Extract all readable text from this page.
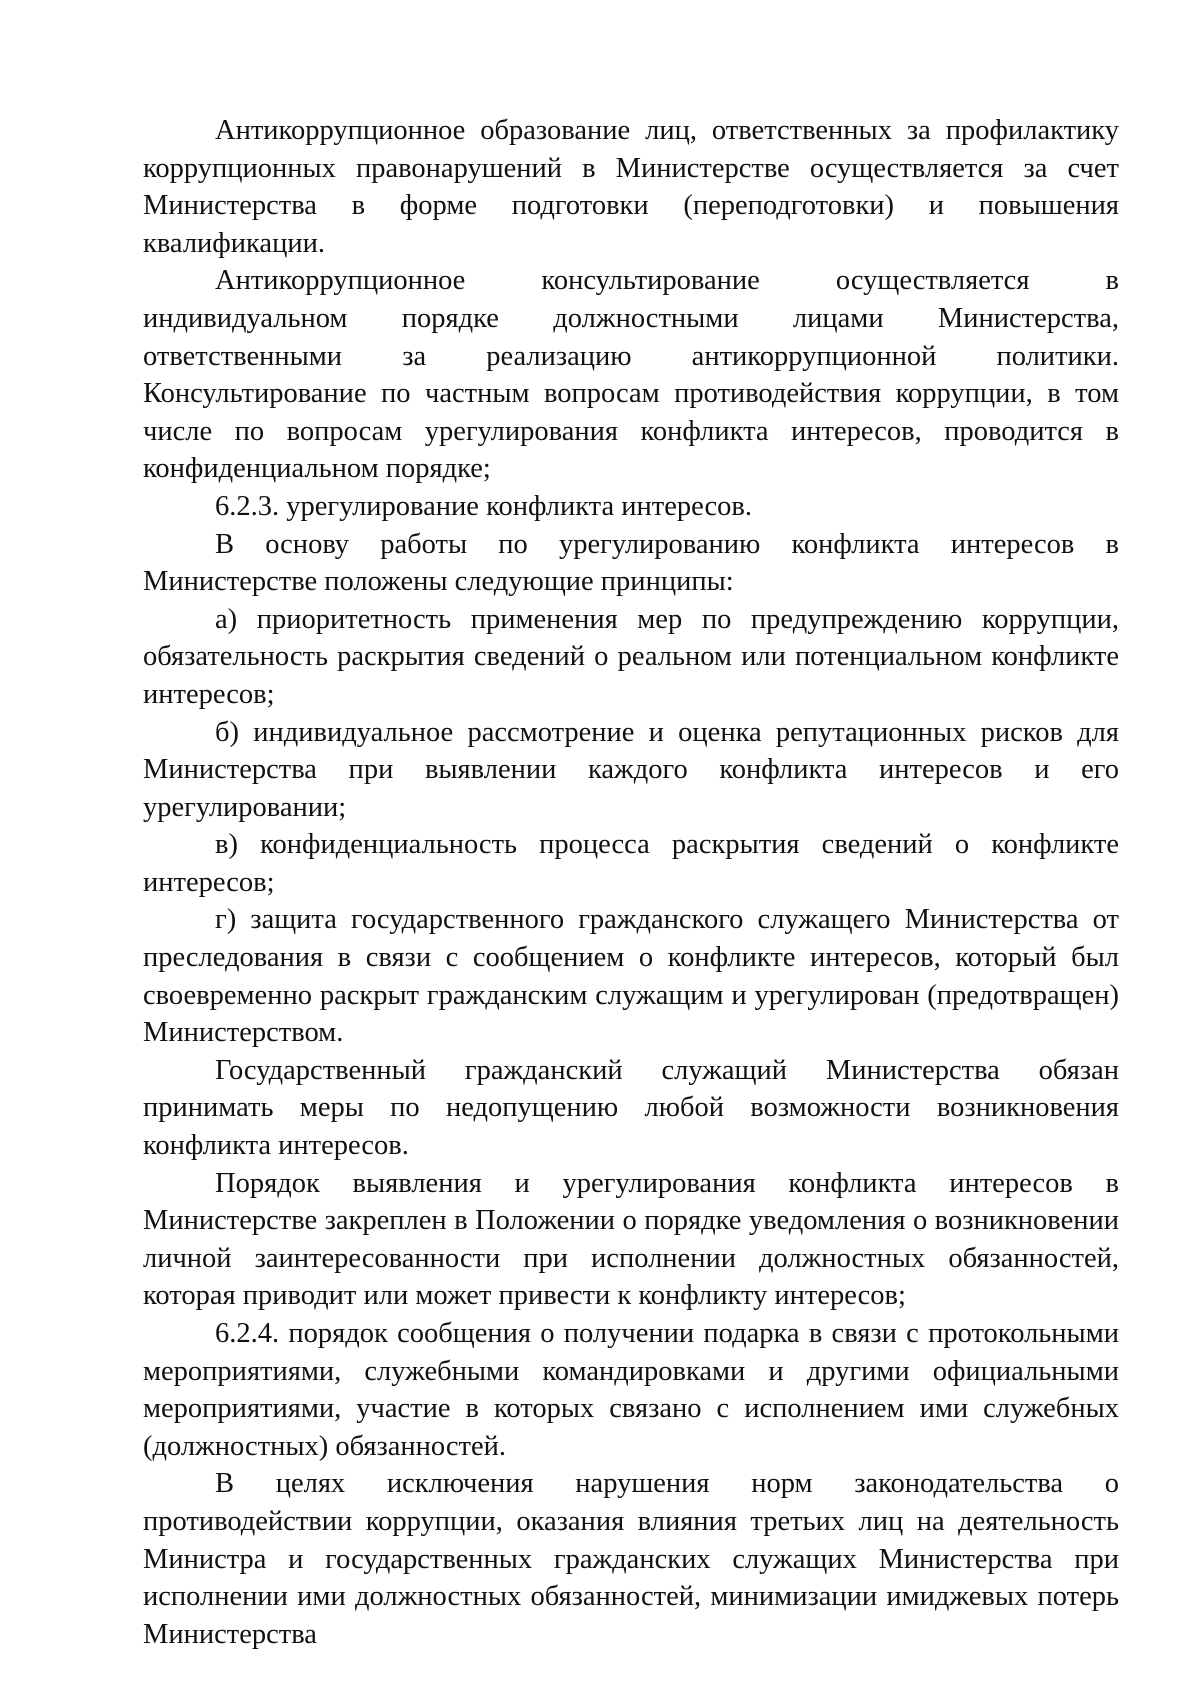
Антикоррупционное образование лиц, ответственных за профилактику коррупционных правонарушений в Министерстве осуществляется за счет Министерства в форме подготовки (переподготовки) и повышения квалификации.

Антикоррупционное консультирование осуществляется в индивидуальном порядке должностными лицами Министерства, ответственными за реализацию антикоррупционной политики. Консультирование по частным вопросам противодействия коррупции, в том числе по вопросам урегулирования конфликта интересов, проводится в конфиденциальном порядке;

6.2.3. урегулирование конфликта интересов.

В основу работы по урегулированию конфликта интересов в Министерстве положены следующие принципы:

а) приоритетность применения мер по предупреждению коррупции, обязательность раскрытия сведений о реальном или потенциальном конфликте интересов;

б) индивидуальное рассмотрение и оценка репутационных рисков для Министерства при выявлении каждого конфликта интересов и его урегулировании;

в) конфиденциальность процесса раскрытия сведений о конфликте интересов;

г) защита государственного гражданского служащего Министерства от преследования в связи с сообщением о конфликте интересов, который был своевременно раскрыт гражданским служащим и урегулирован (предотвращен) Министерством.

Государственный гражданский служащий Министерства обязан принимать меры по недопущению любой возможности возникновения конфликта интересов.

Порядок выявления и урегулирования конфликта интересов в Министерстве закреплен в Положении о порядке уведомления о возникновении личной заинтересованности при исполнении должностных обязанностей, которая приводит или может привести к конфликту интересов;

6.2.4. порядок сообщения о получении подарка в связи с протокольными мероприятиями, служебными командировками и другими официальными мероприятиями, участие в которых связано с исполнением ими служебных (должностных) обязанностей.

В целях исключения нарушения норм законодательства о противодействии коррупции, оказания влияния третьих лиц на деятельность Министра и государственных гражданских служащих Министерства при исполнении ими должностных обязанностей, минимизации имиджевых потерь Министерства
